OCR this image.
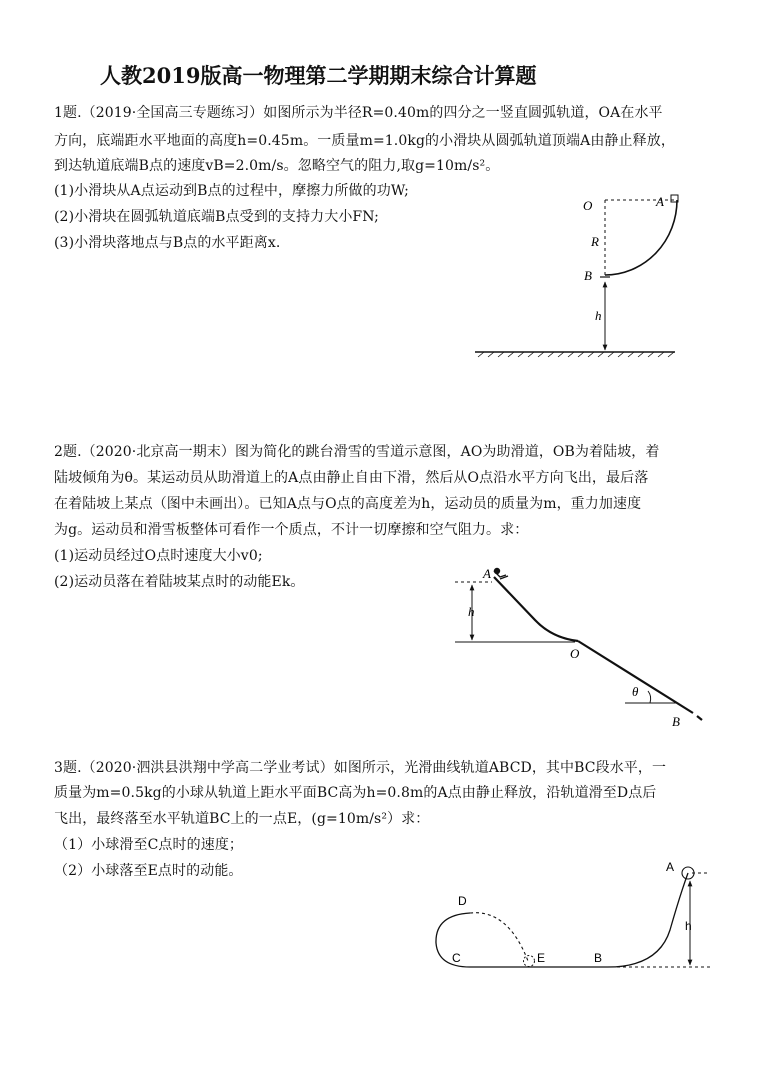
人教2019版高一物理第二学期期末综合计算题
1题.（2019·全国高三专题练习）如图所示为半径R=0.40m的四分之一竖直圆弧轨道，OA在水平
方向，底端距水平地面的高度h=0.45m。一质量m=1.0kg的小滑块从圆弧轨道顶端A由静止释放，
到达轨道底端B点的速度vB=2.0m/s。忽略空气的阻力,取g=10m/s²。
(1)小滑块从A点运动到B点的过程中，摩擦力所做的功W;
(2)小滑块在圆弧轨道底端B点受到的支持力大小FN;
(3)小滑块落地点与B点的水平距离x.
O	A
R
B
h
2题.（2020·北京高一期末）图为简化的跳台滑雪的雪道示意图，AO为助滑道，OB为着陆坡，着
陆坡倾角为θ。某运动员从助滑道上的A点由静止自由下滑，然后从O点沿水平方向飞出，最后落
在着陆坡上某点（图中未画出）。已知A点与O点的高度差为h，运动员的质量为m，重力加速度
为g。运动员和滑雪板整体可看作一个质点，不计一切摩擦和空气阻力。求：
(1)运动员经过O点时速度大小v0;
(2)运动员落在着陆坡某点时的动能Ek。
A
h
O
θ
B
3题.（2020·泗洪县洪翔中学高二学业考试）如图所示，光滑曲线轨道ABCD，其中BC段水平，一
质量为m=0.5kg的小球从轨道上距水平面BC高为h=0.8m的A点由静止释放，沿轨道滑至D点后
飞出，最终落至水平轨道BC上的一点E，(g=10m/s²）求：
（1）小球滑至C点时的速度；
（2）小球落至E点时的动能。	A
D
h
C	E	B
